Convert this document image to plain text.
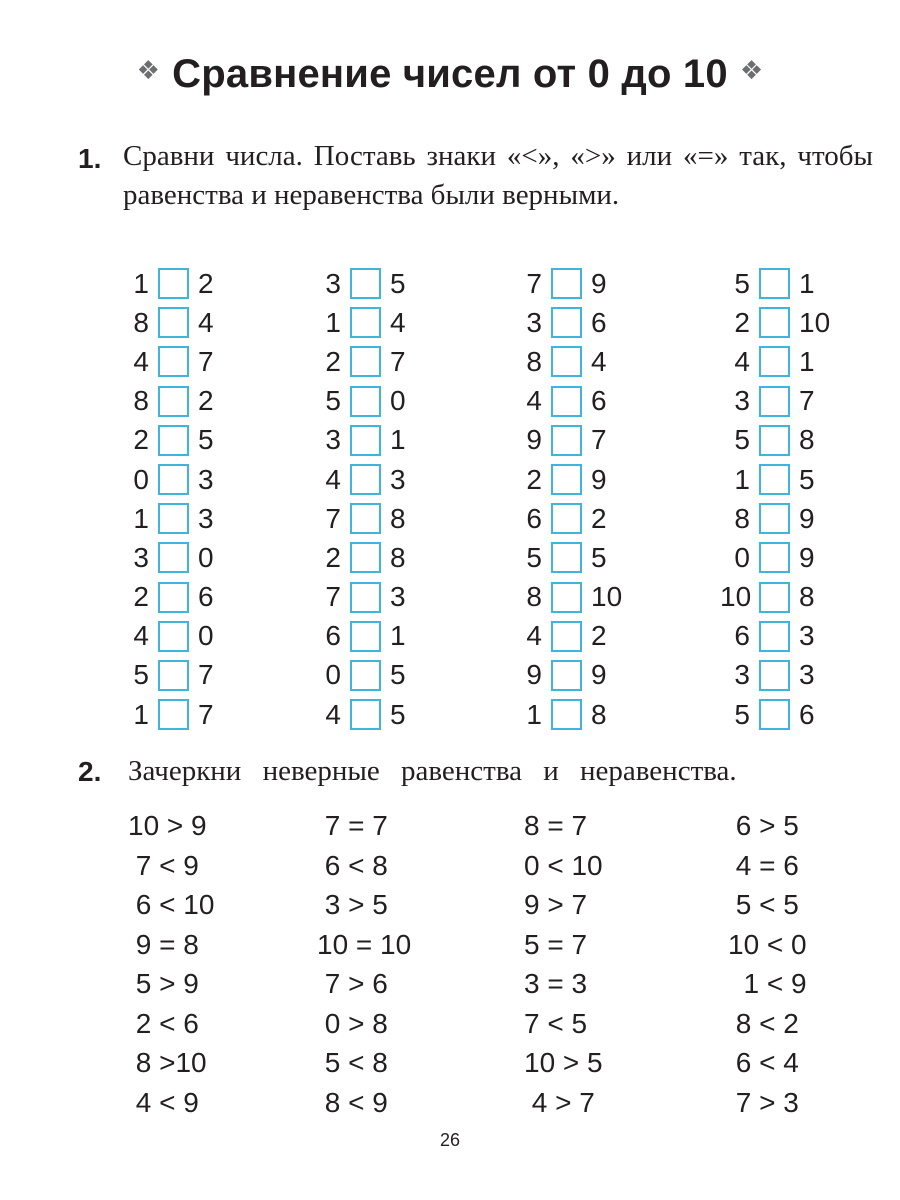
❖ Сравнение чисел от 0 до 10 ❖
1. Сравни числа. Поставь знаки «<», «>» или «=» так, чтобы равенства и неравенства были верными.
1 2
8 4
4 7
8 2
2 5
0 3
1 3
3 0
2 6
4 0
5 7
1 7
3 5
1 4
2 7
5 0
3 1
4 3
7 8
2 8
7 3
6 1
0 5
4 5
7 9
3 6
8 4
4 6
9 7
2 9
6 2
5 5
8 10
4 2
9 9
1 8
5 1
2 10
4 1
3 7
5 8
1 5
8 9
0 9
10 8
6 3
3 3
5 6
2. Зачеркни неверные равенства и неравенства.
10 > 9
7 < 9
6 < 10
9 = 8
5 > 9
2 < 6
8 >10
4 < 9
7 = 7
6 < 8
3 > 5
10 = 10
7 > 6
0 > 8
5 < 8
8 < 9
8 = 7
0 < 10
9 > 7
5 = 7
3 = 3
7 < 5
10 > 5
4 > 7
6 > 5
4 = 6
5 < 5
10 < 0
1 < 9
8 < 2
6 < 4
7 > 3
26
